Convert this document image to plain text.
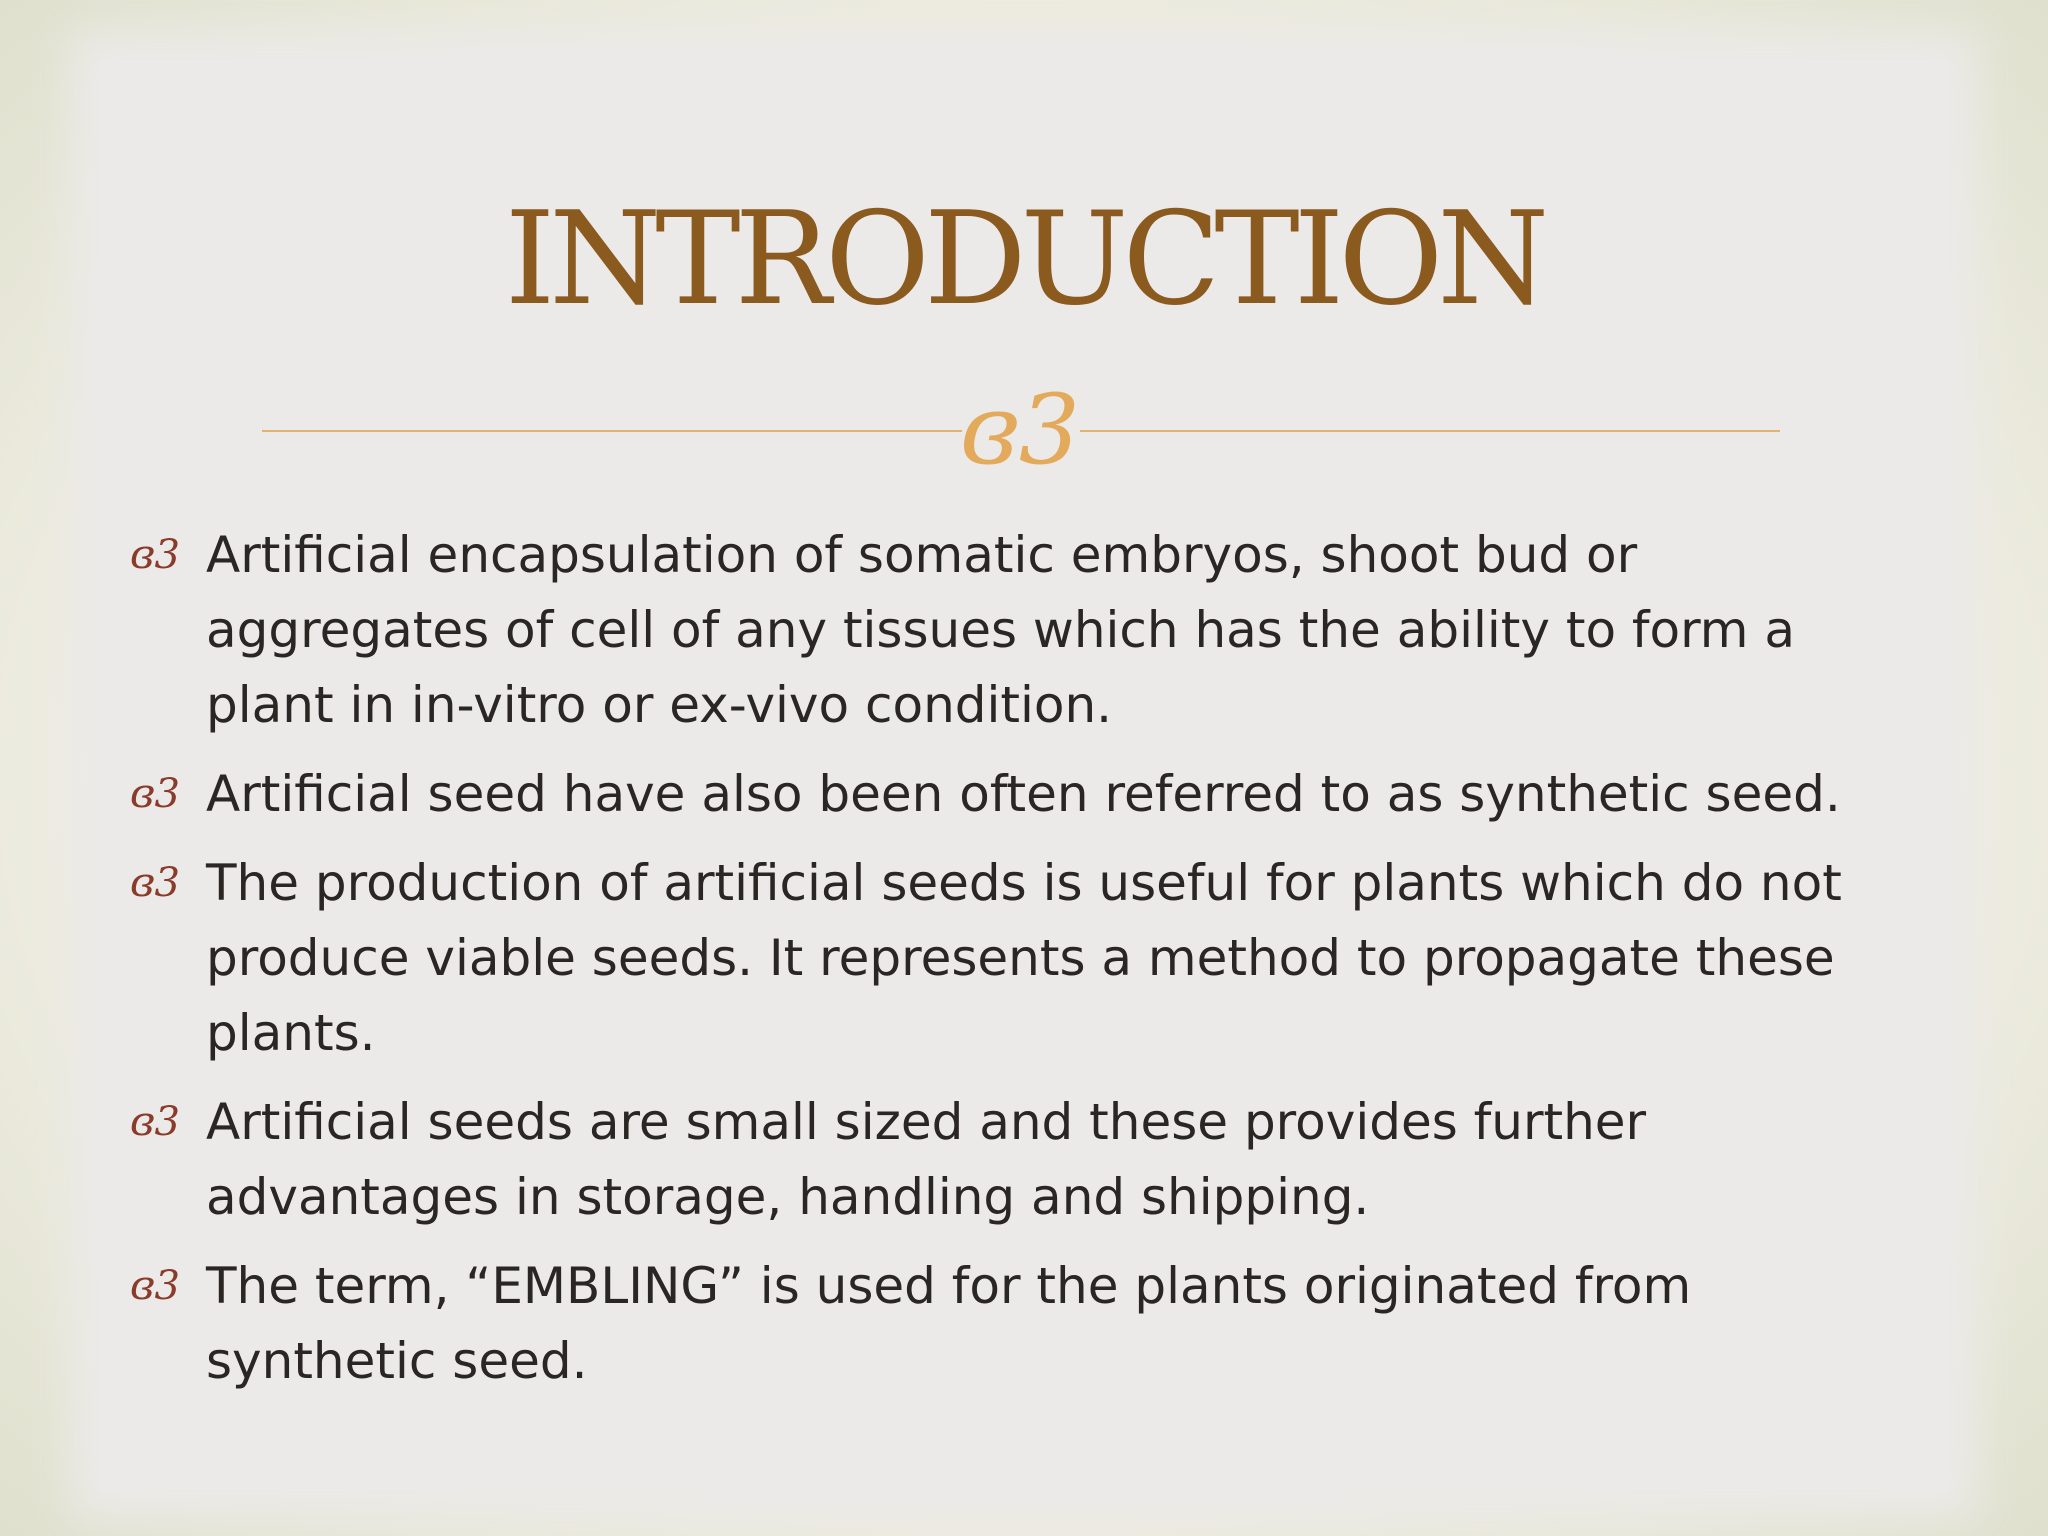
INTRODUCTION
ɞ3
ɞ3 Artificial encapsulation of somatic embryos, shoot bud or aggregates of cell of any tissues which has the ability to form a plant in in-vitro or ex-vivo condition.
ɞ3 Artificial seed have also been often referred to as synthetic seed.
ɞ3 The production of artificial seeds is useful for plants which do not produce viable seeds. It represents a method to propagate these plants.
ɞ3 Artificial seeds are small sized and these provides further advantages in storage, handling and shipping.
ɞ3 The term, “EMBLING” is used for the plants originated from synthetic seed.
